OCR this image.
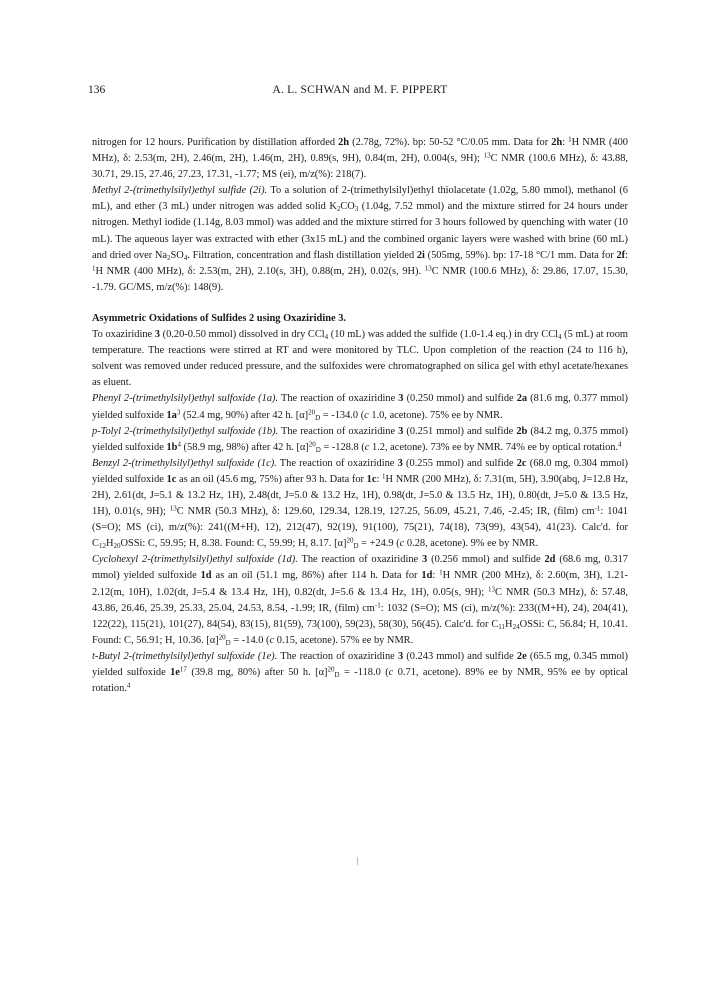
136	A. L. SCHWAN and M. F. PIPPERT

nitrogen for 12 hours. Purification by distillation afforded 2h (2.78g, 72%). bp: 50-52 °C/0.05 mm. Data for 2h: $^1$H NMR (400 MHz), δ: 2.53(m, 2H), 2.46(m, 2H), 1.46(m, 2H), 0.89(s, 9H), 0.84(m, 2H), 0.004(s, 9H); $^{13}$C NMR (100.6 MHz), δ: 43.88, 30.71, 29.15, 27.46, 27.23, 17.31, -1.77; MS (ei), m/z(%): 218(7).

Methyl 2-(trimethylsilyl)ethyl sulfide (2i). To a solution of 2-(trimethylsilyl)ethyl thiolacetate (1.02g, 5.80 mmol), methanol (6 mL), and ether (3 mL) under nitrogen was added solid $K_2CO_3$ (1.04g, 7.52 mmol) and the mixture stirred for 24 hours under nitrogen. Methyl iodide (1.14g, 8.03 mmol) was added and the mixture stirred for 3 hours followed by quenching with water (10 mL). The aqueous layer was extracted with ether (3x15 mL) and the combined organic layers were washed with brine (60 mL) and dried over $Na_2SO_4$. Filtration, concentration and flash distillation yielded 2i (505mg, 59%). bp: 17-18 °C/1 mm. Data for 2f: $^1$H NMR (400 MHz), δ: 2.53(m, 2H), 2.10(s, 3H), 0.88(m, 2H), 0.02(s, 9H). $^{13}$C NMR (100.6 MHz), δ: 29.86, 17.07, 15.30, -1.79. GC/MS, m/z(%): 148(9).

Asymmetric Oxidations of Sulfides 2 using Oxaziridine 3.

To oxaziridine 3 (0.20-0.50 mmol) dissolved in dry CCl$_4$ (10 mL) was added the sulfide (1.0-1.4 eq.) in dry CCl$_4$ (5 mL) at room temperature. The reactions were stirred at RT and were monitored by TLC. Upon completion of the reaction (24 to 116 h), solvent was removed under reduced pressure, and the sulfoxides were chromatographed on silica gel with ethyl acetate/hexanes as eluent.

Phenyl 2-(trimethylsilyl)ethyl sulfoxide (1a). The reaction of oxaziridine 3 (0.250 mmol) and sulfide 2a (81.6 mg, 0.377 mmol) yielded sulfoxide $1a^3$ (52.4 mg, 90%) after 42 h. $[\alpha]^{20}_D = -134.0$ (c 1.0, acetone). 75% ee by NMR.

p-Tolyl 2-(trimethylsilyl)ethyl sulfoxide (1b). The reaction of oxaziridine 3 (0.251 mmol) and sulfide 2b (84.2 mg, 0.375 mmol) yielded sulfoxide $1b^4$ (58.9 mg, 98%) after 42 h. $[\alpha]^{20}_D = -128.8$ (c 1.2, acetone). 73% ee by NMR. 74% ee by optical rotation.$^4$

Benzyl 2-(trimethylsilyl)ethyl sulfoxide (1c). The reaction of oxaziridine 3 (0.255 mmol) and sulfide 2c (68.0 mg, 0.304 mmol) yielded sulfoxide 1c as an oil (45.6 mg, 75%) after 93 h. Data for 1c: $^1$H NMR (200 MHz), δ: 7.31(m, 5H), 3.90(abq, J=12.8 Hz, 2H), 2.61(dt, J=5.1 & 13.2 Hz, 1H), 2.48(dt, J=5.0 & 13.2 Hz, 1H), 0.98(dt, J=5.0 & 13.5 Hz, 1H), 0.80(dt, J=5.0 & 13.5 Hz, 1H), 0.01(s, 9H); $^{13}$C NMR (50.3 MHz), δ: 129.60, 129.34, 128.19, 127.25, 56.09, 45.21, 7.46, -2.45; IR, (film) $cm^{-1}$: 1041 (S=O); MS (ci), m/z(%): 241((M+H), 12), 212(47), 92(19), 91(100), 75(21), 74(18), 73(99), 43(54), 41(23). Calc'd. for $C_{12}H_{20}OSSi$: C, 59.95; H, 8.38. Found: C, 59.99; H, 8.17. $[\alpha]^{20}_D = +24.9$ (c 0.28, acetone). 9% ee by NMR.

Cyclohexyl 2-(trimethylsilyl)ethyl sulfoxide (1d). The reaction of oxaziridine 3 (0.256 mmol) and sulfide 2d (68.6 mg, 0.317 mmol) yielded sulfoxide 1d as an oil (51.1 mg, 86%) after 114 h. Data for 1d: $^1$H NMR (200 MHz), δ: 2.60(m, 3H), 1.21-2.12(m, 10H), 1.02(dt, J=5.4 & 13.4 Hz, 1H), 0.82(dt, J=5.6 & 13.4 Hz, 1H), 0.05(s, 9H); $^{13}$C NMR (50.3 MHz), δ: 57.48, 43.86, 26.46, 25.39, 25.33, 25.04, 24.53, 8.54, -1.99; IR, (film) $cm^{-1}$: 1032 (S=O); MS (ci), m/z(%): 233((M+H), 24), 204(41), 122(22), 115(21), 101(27), 84(54), 83(15), 81(59), 73(100), 59(23), 58(30), 56(45). Calc'd. for $C_{11}H_{24}OSSi$: C, 56.84; H, 10.41. Found: C, 56.91; H, 10.36. $[\alpha]^{20}_D = -14.0$ (c 0.15, acetone). 57% ee by NMR.

t-Butyl 2-(trimethylsilyl)ethyl sulfoxide (1e). The reaction of oxaziridine 3 (0.243 mmol) and sulfide 2e (65.5 mg, 0.345 mmol) yielded sulfoxide $1e^{17}$ (39.8 mg, 80%) after 50 h. $[\alpha]^{20}_D = -118.0$ (c 0.71, acetone). 89% ee by NMR, 95% ee by optical rotation.$^4$
